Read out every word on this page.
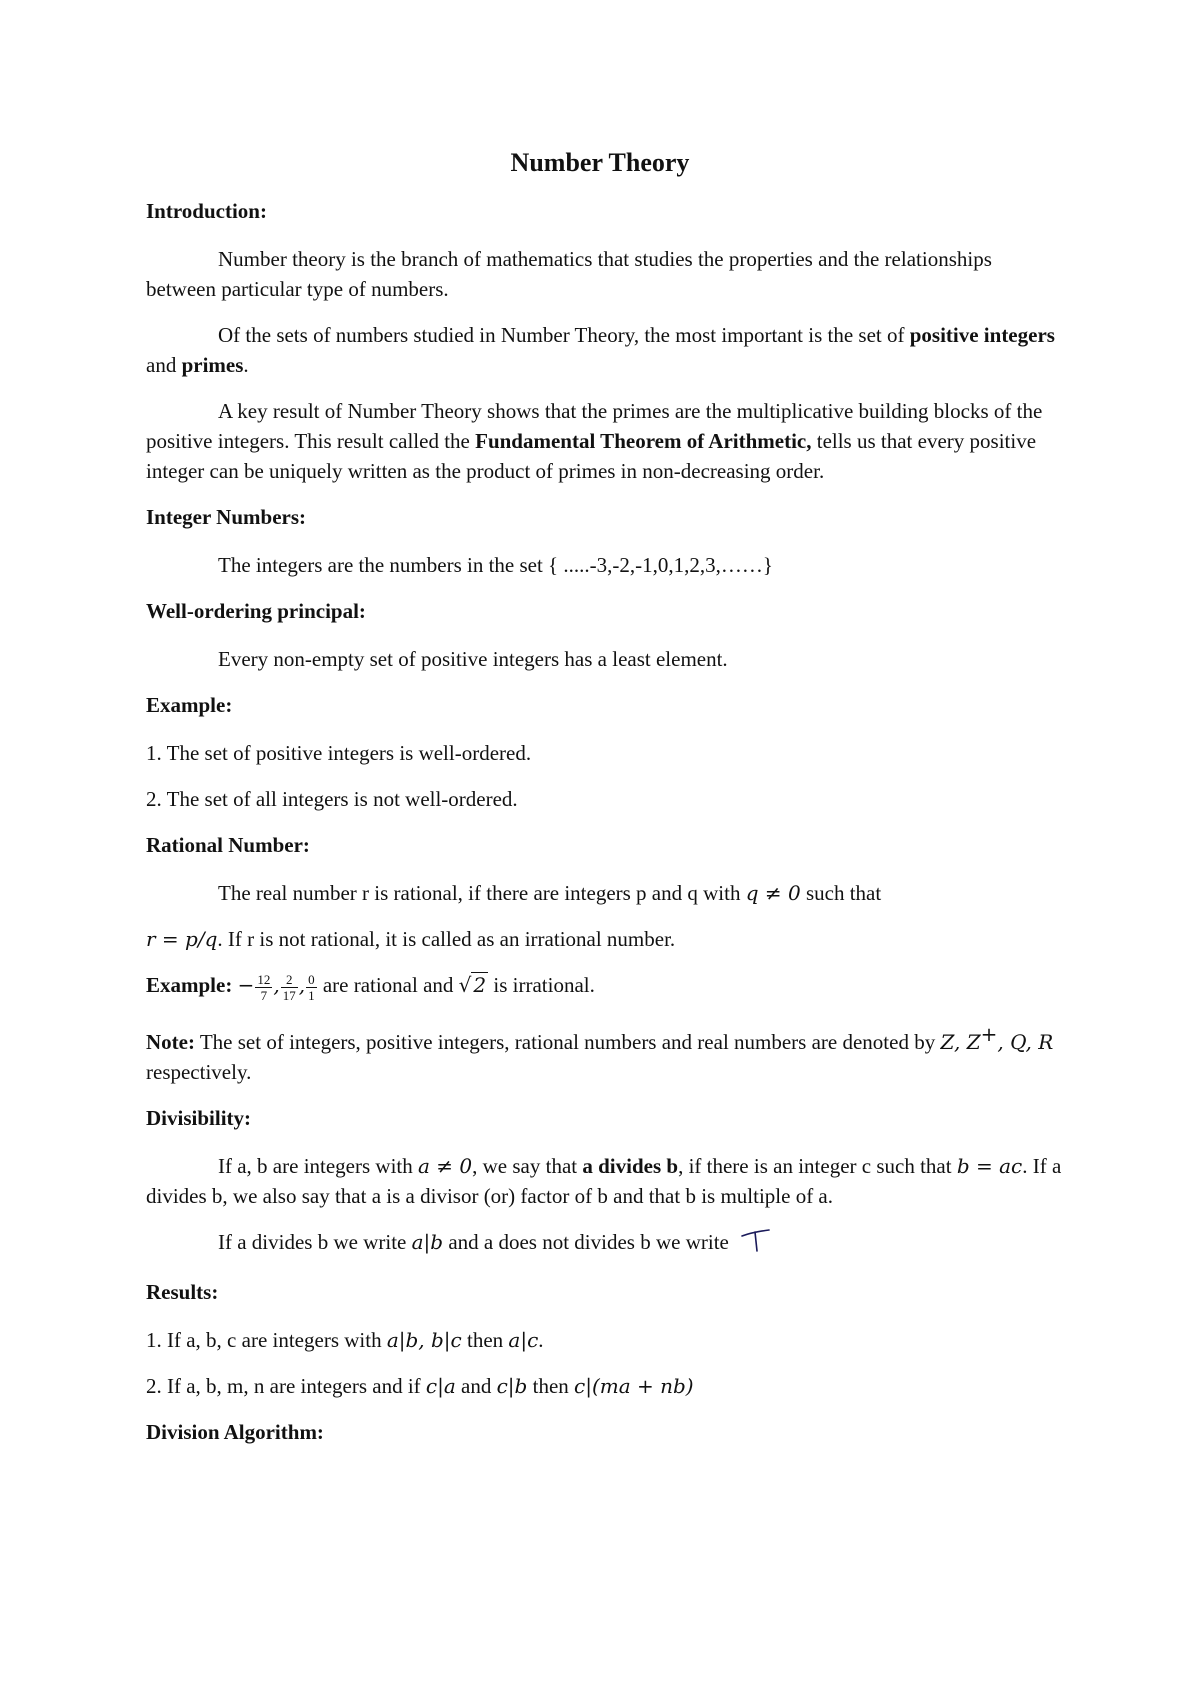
Number Theory
Introduction:

Number theory is the branch of mathematics that studies the properties and the relationships between particular type of numbers.

Of the sets of numbers studied in Number Theory, the most important is the set of positive integers and primes.

A key result of Number Theory shows that the primes are the multiplicative building blocks of the positive integers. This result called the Fundamental Theorem of Arithmetic, tells us that every positive integer can be uniquely written as the product of primes in non-decreasing order.

Integer Numbers:

The integers are the numbers in the set { .....-3,-2,-1,0,1,2,3,……}

Well-ordering principal:

Every non-empty set of positive integers has a least element.

Example:

1. The set of positive integers is well-ordered.

2. The set of all integers is not well-ordered.

Rational Number:

The real number r is rational, if there are integers p and q with q ≠ 0 such that

r = p/q. If r is not rational, it is called as an irrational number.

Example: − $\frac{12}{7}$ , $\frac{2}{17}$ , $\frac{0}{1}$ are rational and √ 2 is irrational.

Note: The set of integers, positive integers, rational numbers and real numbers are denoted by Z, Z+, Q, R respectively.

Divisibility:

If a, b are integers with a ≠ 0, we say that a divides b, if there is an integer c such that b = ac. If a divides b, we also say that a is a divisor (or) factor of b and that b is multiple of a.

If a divides b we write a|b and a does not divides b we write

Results:

1. If a, b, c are integers with a|b, b|c then a|c.

2. If a, b, m, n are integers and if c|a and c|b then c|(ma + nb)

Division Algorithm:
